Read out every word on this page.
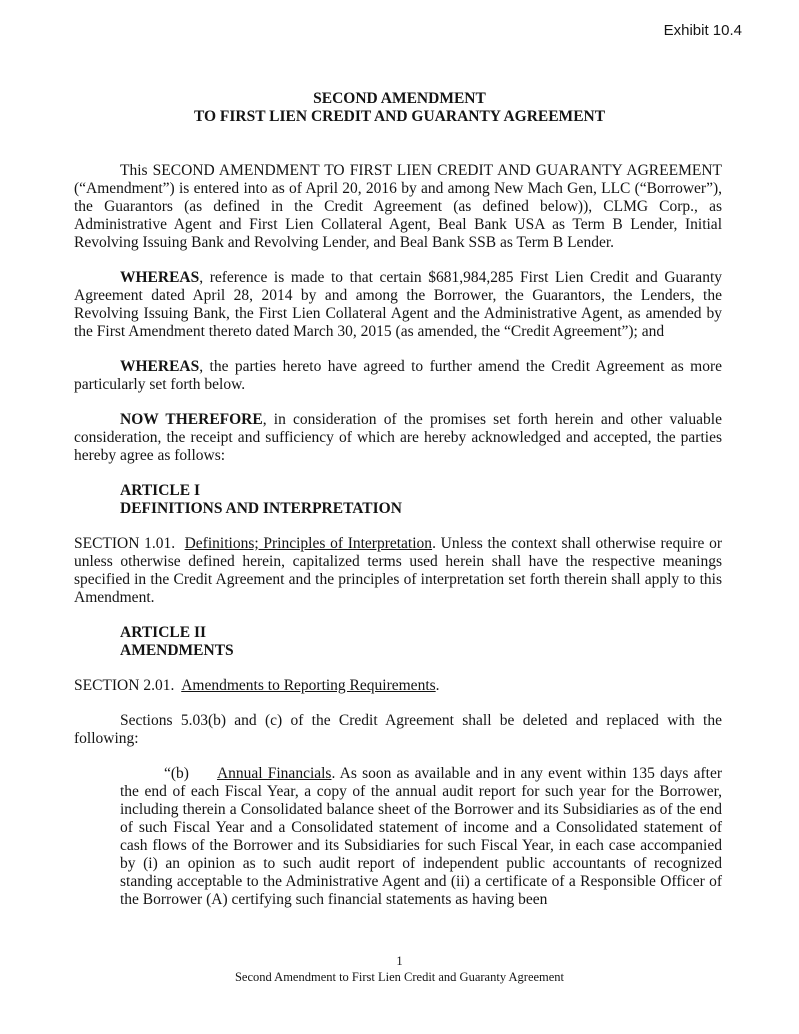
Exhibit 10.4
SECOND AMENDMENT
TO FIRST LIEN CREDIT AND GUARANTY AGREEMENT

This SECOND AMENDMENT TO FIRST LIEN CREDIT AND GUARANTY AGREEMENT (“Amendment”) is entered into as of April 20, 2016 by and among New Mach Gen, LLC (“Borrower”), the Guarantors (as defined in the Credit Agreement (as defined below)), CLMG Corp., as Administrative Agent and First Lien Collateral Agent, Beal Bank USA as Term B Lender, Initial Revolving Issuing Bank and Revolving Lender, and Beal Bank SSB as Term B Lender.

WHEREAS, reference is made to that certain $681,984,285 First Lien Credit and Guaranty Agreement dated April 28, 2014 by and among the Borrower, the Guarantors, the Lenders, the Revolving Issuing Bank, the First Lien Collateral Agent and the Administrative Agent, as amended by the First Amendment thereto dated March 30, 2015 (as amended, the “Credit Agreement”); and

WHEREAS, the parties hereto have agreed to further amend the Credit Agreement as more particularly set forth below.

NOW THEREFORE, in consideration of the promises set forth herein and other valuable consideration, the receipt and sufficiency of which are hereby acknowledged and accepted, the parties hereby agree as follows:

ARTICLE I
DEFINITIONS AND INTERPRETATION

SECTION 1.01. Definitions; Principles of Interpretation. Unless the context shall otherwise require or unless otherwise defined herein, capitalized terms used herein shall have the respective meanings specified in the Credit Agreement and the principles of interpretation set forth therein shall apply to this Amendment.

ARTICLE II
AMENDMENTS

SECTION 2.01. Amendments to Reporting Requirements.

Sections 5.03(b) and (c) of the Credit Agreement shall be deleted and replaced with the following:

“(b) Annual Financials. As soon as available and in any event within 135 days after the end of each Fiscal Year, a copy of the annual audit report for such year for the Borrower, including therein a Consolidated balance sheet of the Borrower and its Subsidiaries as of the end of such Fiscal Year and a Consolidated statement of income and a Consolidated statement of cash flows of the Borrower and its Subsidiaries for such Fiscal Year, in each case accompanied by (i) an opinion as to such audit report of independent public accountants of recognized standing acceptable to the Administrative Agent and (ii) a certificate of a Responsible Officer of the Borrower (A) certifying such financial statements as having been

1
Second Amendment to First Lien Credit and Guaranty Agreement
